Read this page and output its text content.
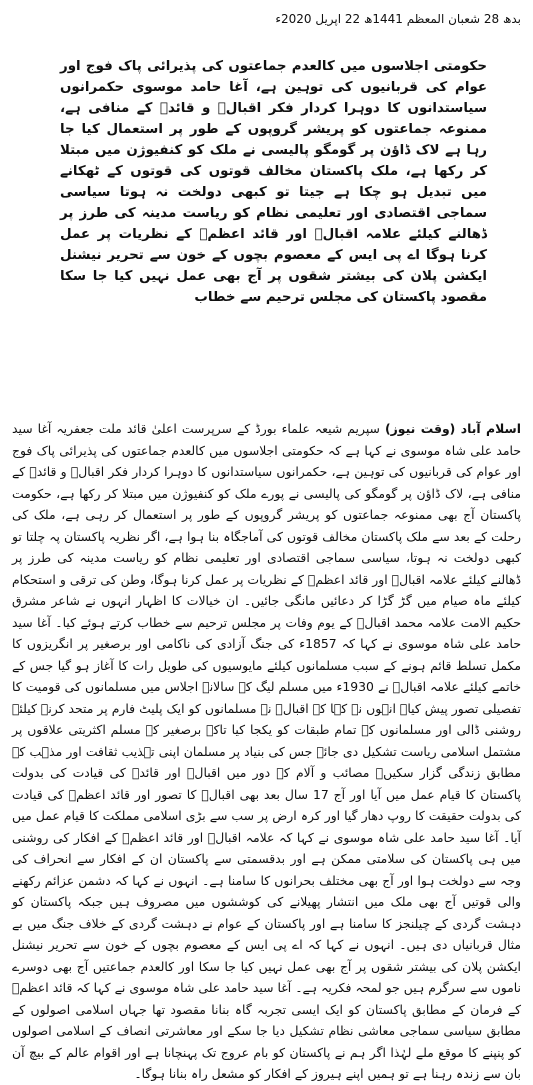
بدھ 28 شعبان المعظم 1441ھ 22 اپریل 2020ء
حکومتی اجلاسوں میں کالعدم جماعتوں کی پذیرائی پاک فوج اور عوام کی قربانیوں کی توہین ہے، آغا حامد موسوی حکمرانوں سیاستدانوں کا دوہرا کردار فکر اقبالؒ و قائدؒ کے منافی ہے، ممنوعہ جماعتوں کو پریشر گروپوں کے طور پر استعمال کیا جا رہا ہے لاک ڈاؤن پر گومگو پالیسی نے ملک کو کنفیوژن میں مبتلا کر رکھا ہے، ملک پاکستان مخالف قوتوں کی قوتوں کے ٹھکانے میں تبدیل ہو چکا ہے جیتا تو کبھی دولخت نہ ہوتا سیاسی سماجی اقتصادی اور تعلیمی نظام کو ریاست مدینہ کی طرز پر ڈھالنے کیلئے علامہ اقبالؒ اور قائد اعظمؒ کے نظریات پر عمل کرنا ہوگا اے پی ایس کے معصوم بچوں کے خون سے تحریر نیشنل ایکشن پلان کی بیشتر شقوں پر آج بھی عمل نہیں کیا جا سکا مقصود پاکستان کی مجلس ترحیم سے خطاب
اسلام آباد (وقت نیوز) سپریم شیعہ علماء بورڈ کے سرپرست اعلیٰ قائد ملت جعفریہ آغا سید حامد علی شاہ موسوی نے کہا ہے کہ حکومتی اجلاسوں میں کالعدم جماعتوں کی پذیرائی پاک فوج اور عوام کی قربانیوں کی توہین ہے، حکمرانوں سیاستدانوں کا دوہرا کردار فکر اقبالؒ و قائدؒ کے منافی ہے، لاک ڈاؤن پر گومگو کی پالیسی نے پورے ملک کو کنفیوژن میں مبتلا کر رکھا ہے، حکومت پاکستان آج بھی ممنوعہ جماعتوں کو پریشر گروپوں کے طور پر استعمال کر رہی ہے، ملک کی رحلت کے بعد سے ملک پاکستان مخالف قوتوں کی آماجگاہ بنا ہوا ہے، اگر نظریہ پاکستان پہ چلتا تو کبھی دولخت نہ ہوتا، سیاسی سماجی اقتصادی اور تعلیمی نظام کو ریاست مدینہ کی طرز پر ڈھالنے کیلئے علامہ اقبالؒ اور قائد اعظمؒ کے نظریات پر عمل کرنا ہوگا، وطن کی ترقی و استحکام کیلئے ماہ صیام میں گڑ گڑا کر دعائیں مانگی جائیں۔ ان خیالات کا اظہار انہوں نے شاعر مشرق حکیم الامت علامہ محمد اقبالؒ کے یوم وفات پر مجلس ترحیم سے خطاب کرتے ہوئے کیا۔ آغا سید حامد علی شاہ موسوی نے کہا کہ 1857ء کی جنگ آزادی کی ناکامی اور برصغیر پر انگریزوں کا مکمل تسلط قائم ہونے کے سبب مسلمانوں کیلئے مایوسیوں کی طویل رات کا آغاز ہو گیا جس کے خاتمے کیلئے علامہ اقبالؒ نے 1930ء میں مسلم لیگ کے سالانہ اجلاس میں مسلمانوں کی قومیت کا تفصیلی تصور پیش کیا۔ انہوں نے کہا کہ اقبالؒ نے مسلمانوں کو ایک پلیٹ فارم پر متحد کرنے کیلئے روشنی ڈالی اور مسلمانوں کے تمام طبقات کو یکجا کیا تاکہ برصغیر کے مسلم اکثریتی علاقوں پر مشتمل اسلامی ریاست تشکیل دی جائے جس کی بنیاد پر مسلمان اپنی تہذیب ثقافت اور مذہب کے مطابق زندگی گزار سکیں۔ مصائب و آلام کے دور میں اقبالؒ اور قائدؒ کی قیادت کی بدولت پاکستان کا قیام عمل میں آیا اور آج 17 سال بعد بھی اقبالؒ کا تصور اور قائد اعظمؒ کی قیادت کی بدولت حقیقت کا روپ دھار گیا اور کرہ ارض پر سب سے بڑی اسلامی مملکت کا قیام عمل میں آیا۔ آغا سید حامد علی شاہ موسوی نے کہا کہ علامہ اقبالؒ اور قائد اعظمؒ کے افکار کی روشنی میں ہی پاکستان کی سلامتی ممکن ہے اور بدقسمتی سے پاکستان ان کے افکار سے انحراف کی وجہ سے دولخت ہوا اور آج بھی مختلف بحرانوں کا سامنا ہے۔ انہوں نے کہا کہ دشمن عزائم رکھنے والی قوتیں آج بھی ملک میں انتشار پھیلانے کی کوششوں میں مصروف ہیں جبکہ پاکستان کو دہشت گردی کے چیلنجز کا سامنا ہے اور پاکستان کے عوام نے دہشت گردی کے خلاف جنگ میں بے مثال قربانیاں دی ہیں۔ انہوں نے کہا کہ اے پی ایس کے معصوم بچوں کے خون سے تحریر نیشنل ایکشن پلان کی بیشتر شقوں پر آج بھی عمل نہیں کیا جا سکا اور کالعدم جماعتیں آج بھی دوسرے ناموں سے سرگرم ہیں جو لمحہ فکریہ ہے۔ آغا سید حامد علی شاہ موسوی نے کہا کہ قائد اعظمؒ کے فرمان کے مطابق پاکستان کو ایک ایسی تجربہ گاہ بنانا مقصود تھا جہاں اسلامی اصولوں کے مطابق سیاسی سماجی معاشی نظام تشکیل دیا جا سکے اور معاشرتی انصاف کے اسلامی اصولوں کو پنپنے کا موقع ملے لہٰذا اگر ہم نے پاکستان کو بام عروج تک پہنچانا ہے اور اقوام عالم کے بیچ آن بان سے زندہ رہنا ہے تو ہمیں اپنے ہیروز کے افکار کو مشعل راہ بنانا ہوگا۔
